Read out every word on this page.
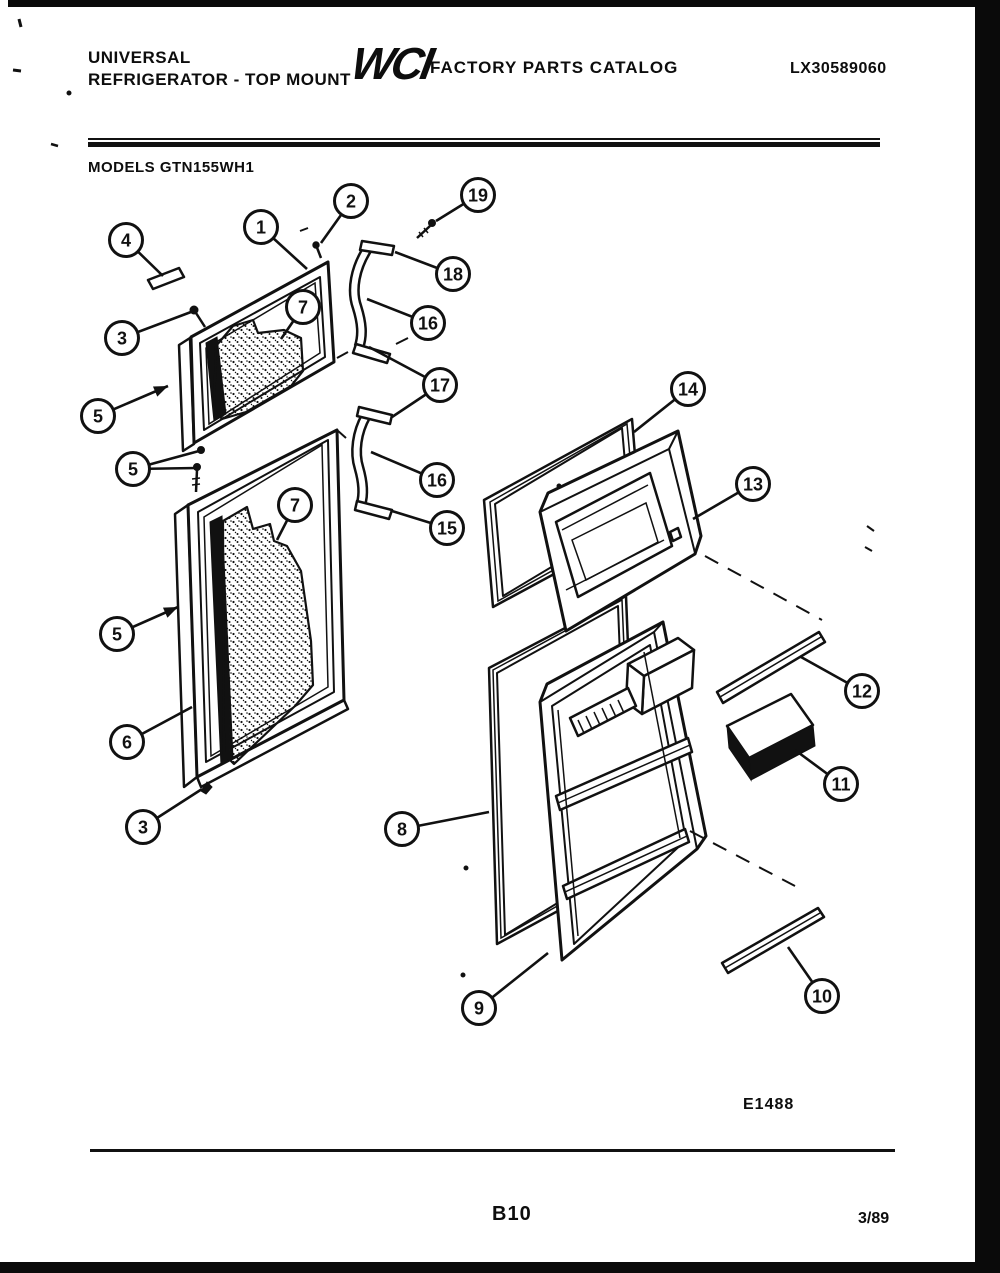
UNIVERSAL
REFRIGERATOR - TOP MOUNT
WCI
FACTORY PARTS CATALOG	LX30589060
MODELS GTN155WH1
4
1
2	19
18
16
3
7
17
5
5
16
7
15
14
13
5
6
3
12
11
8
9
10
E1488
B10	3/89
